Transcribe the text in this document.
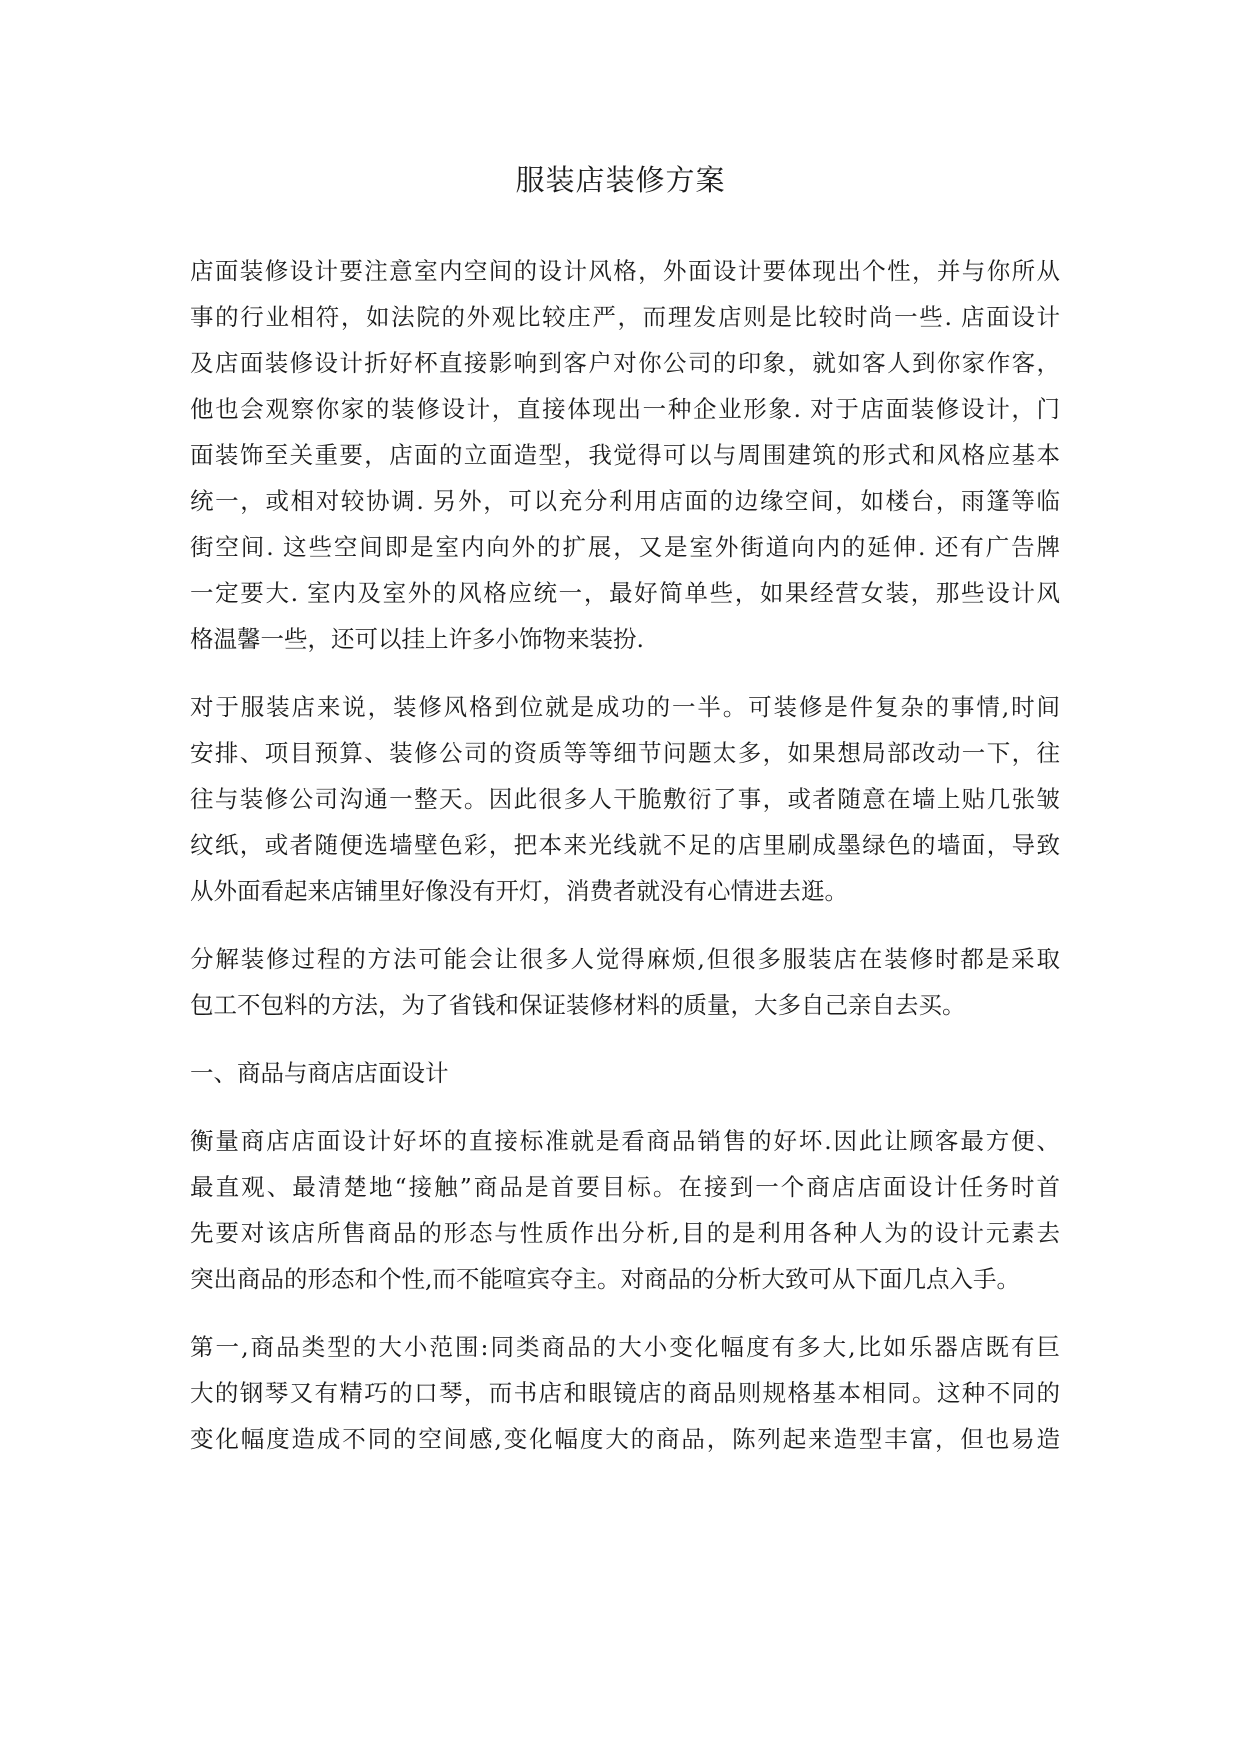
服装店装修方案

店面装修设计要注意室内空间的设计风格，外面设计要体现出个性，并与你所从
事的行业相符，如法院的外观比较庄严，而理发店则是比较时尚一些. 店面设计
及店面装修设计折好杯直接影响到客户对你公司的印象，就如客人到你家作客，
他也会观察你家的装修设计，直接体现出一种企业形象. 对于店面装修设计，门
面装饰至关重要，店面的立面造型，我觉得可以与周围建筑的形式和风格应基本
统一，或相对较协调. 另外，可以充分利用店面的边缘空间，如楼台，雨篷等临
街空间. 这些空间即是室内向外的扩展，又是室外街道向内的延伸. 还有广告牌
一定要大. 室内及室外的风格应统一，最好简单些，如果经营女装，那些设计风
格温馨一些，还可以挂上许多小饰物来装扮.

对于服装店来说，装修风格到位就是成功的一半。可装修是件复杂的事情,时间
安排、项目预算、装修公司的资质等等细节问题太多，如果想局部改动一下，往
往与装修公司沟通一整天。因此很多人干脆敷衍了事，或者随意在墙上贴几张皱
纹纸，或者随便选墙壁色彩，把本来光线就不足的店里刷成墨绿色的墙面，导致
从外面看起来店铺里好像没有开灯，消费者就没有心情进去逛。

分解装修过程的方法可能会让很多人觉得麻烦,但很多服装店在装修时都是采取
包工不包料的方法，为了省钱和保证装修材料的质量，大多自己亲自去买。

一、商品与商店店面设计

衡量商店店面设计好坏的直接标准就是看商品销售的好坏.因此让顾客最方便、
最直观、最清楚地“接触”商品是首要目标。在接到一个商店店面设计任务时首
先要对该店所售商品的形态与性质作出分析,目的是利用各种人为的设计元素去
突出商品的形态和个性,而不能喧宾夺主。对商品的分析大致可从下面几点入手。

第一,商品类型的大小范围:同类商品的大小变化幅度有多大,比如乐器店既有巨
大的钢琴又有精巧的口琴，而书店和眼镜店的商品则规格基本相同。这种不同的
变化幅度造成不同的空间感,变化幅度大的商品，陈列起来造型丰富，但也易造
